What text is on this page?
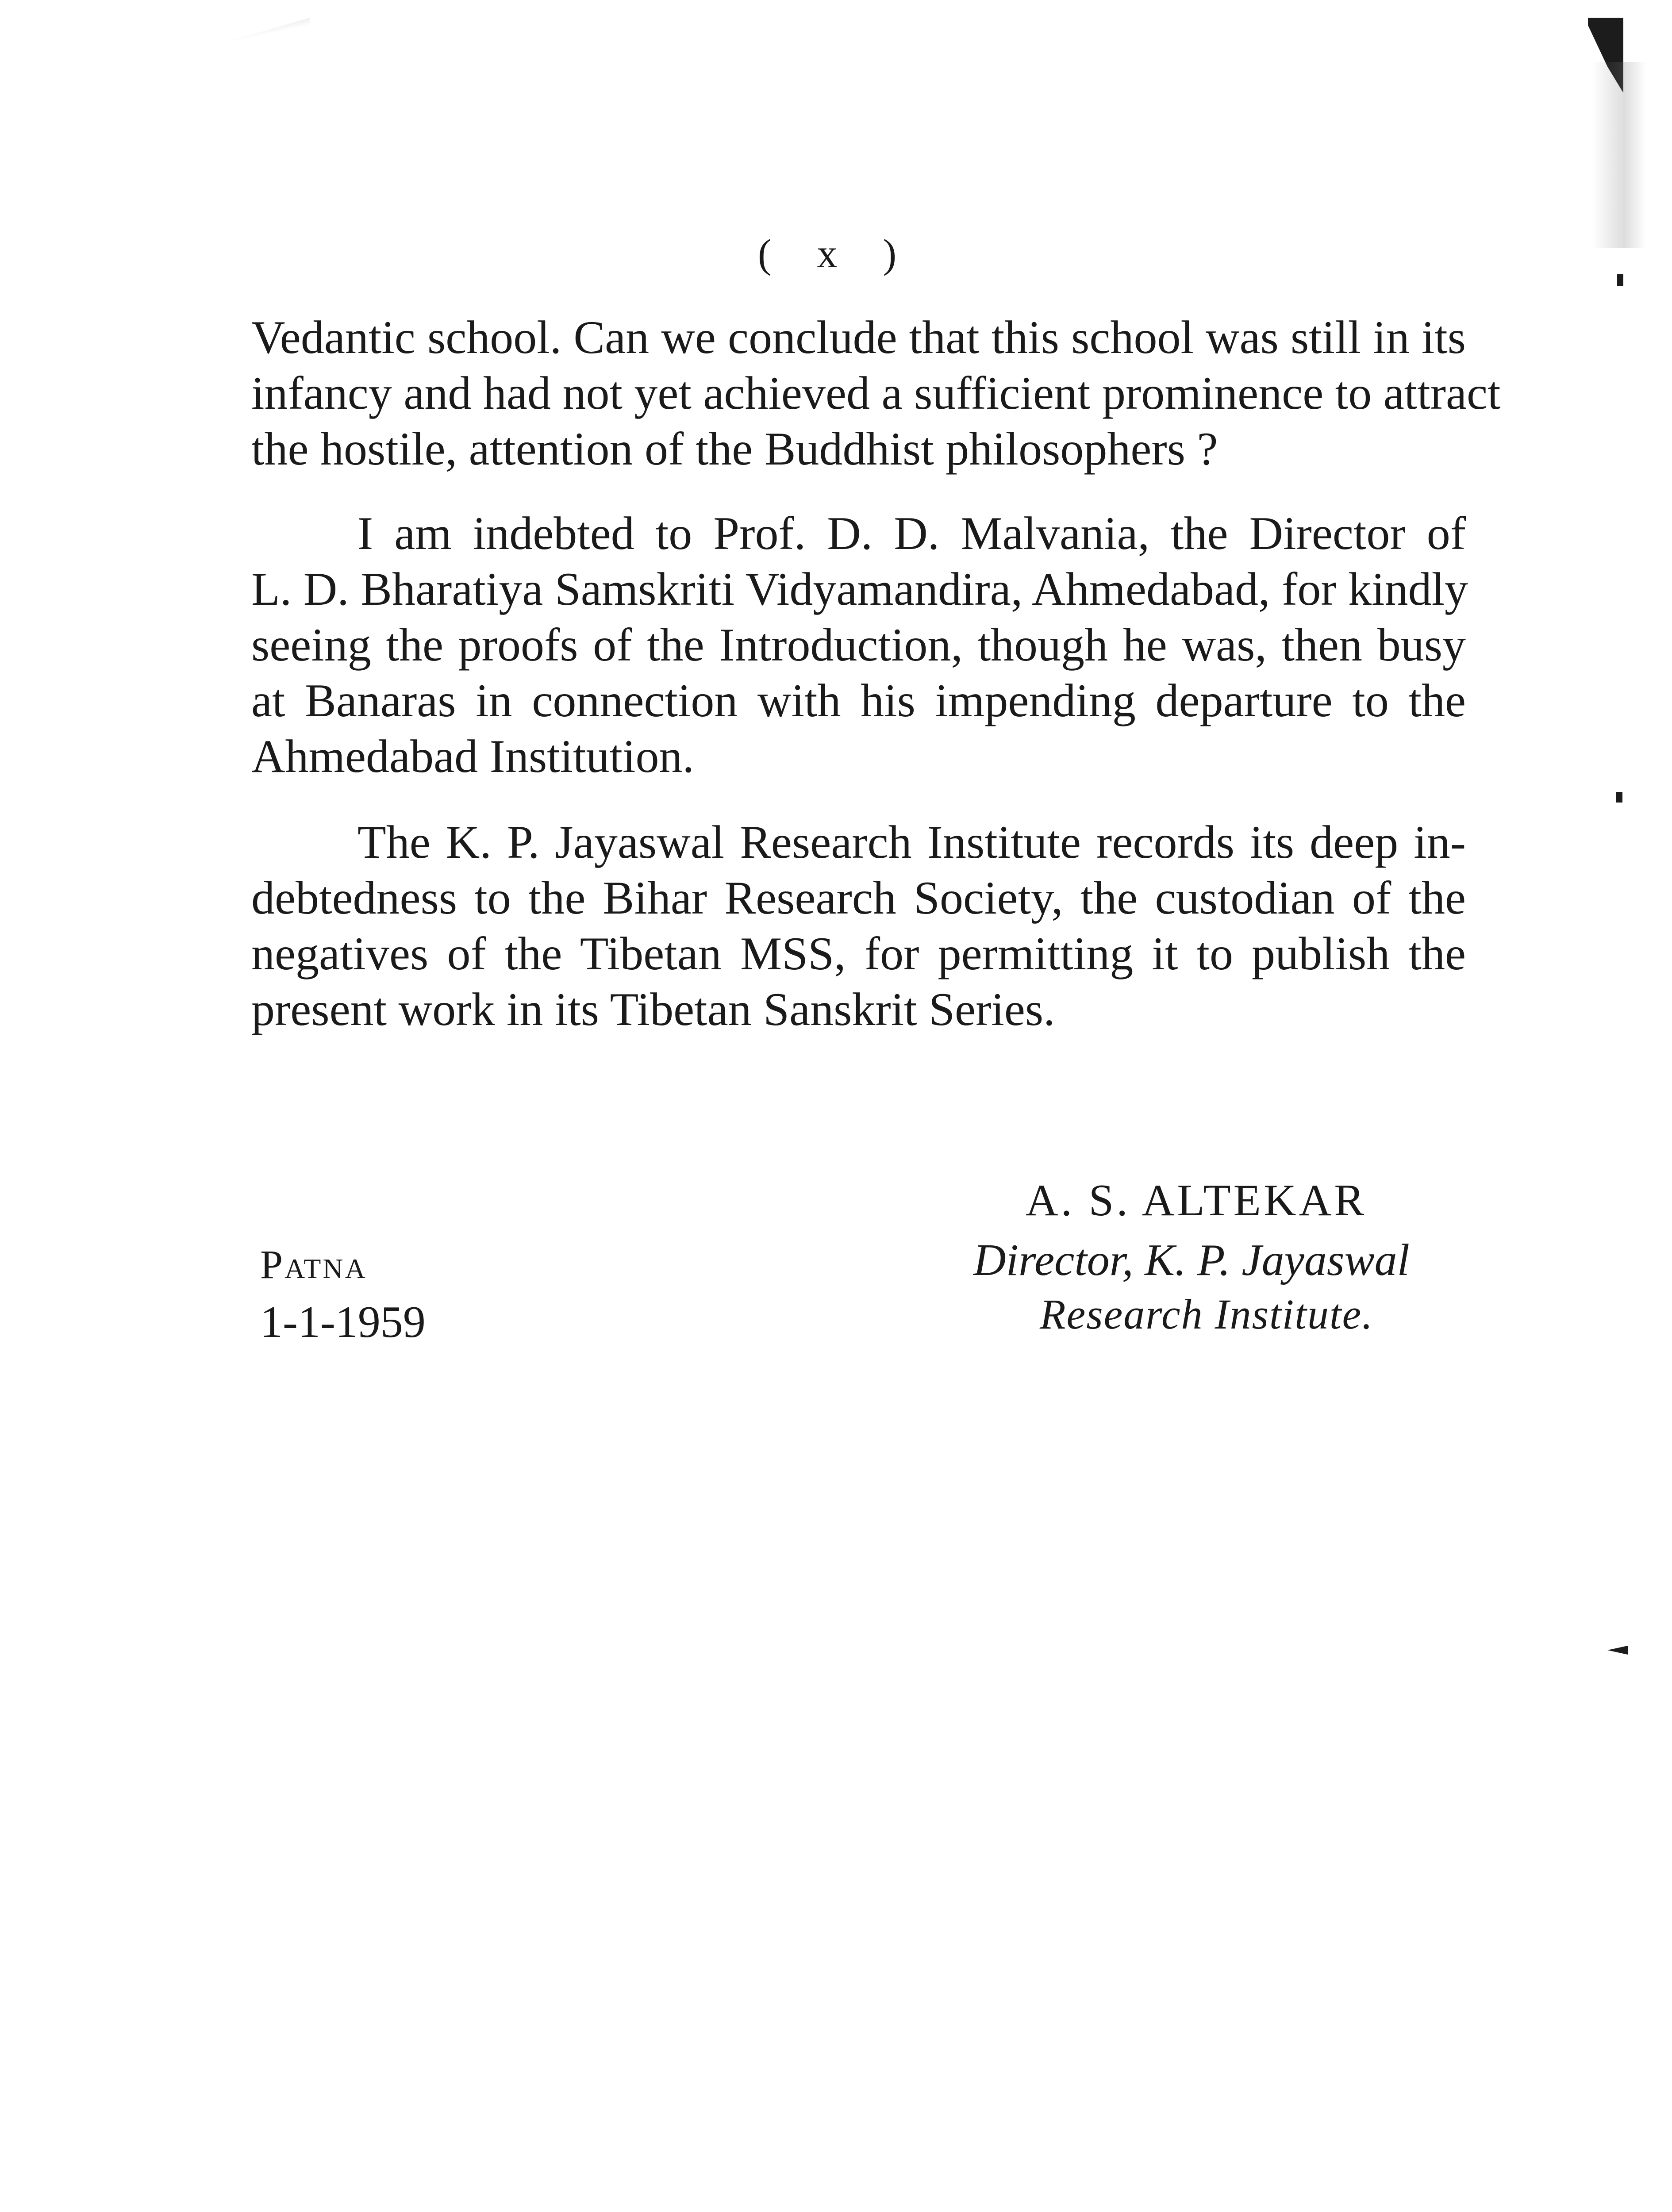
( x )

Vedantic school. Can we conclude that this school was still in its
infancy and had not yet achieved a sufficient prominence to attract
the hostile, attention of the Buddhist philosophers ?

I am indebted to Prof. D. D. Malvania, the Director of
L. D. Bharatiya Samskriti Vidyamandira, Ahmedabad, for kindly
seeing the proofs of the Introduction, though he was, then busy
at Banaras in connection with his impending departure to the
Ahmedabad Institution.

The K. P. Jayaswal Research Institute records its deep in-
debtedness to the Bihar Research Society, the custodian of the
negatives of the Tibetan MSS, for permitting it to publish the
present work in its Tibetan Sanskrit Series.

Patna
1-1-1959
A. S. ALTEKAR
Director, K. P. Jayaswal
Research Institute.
